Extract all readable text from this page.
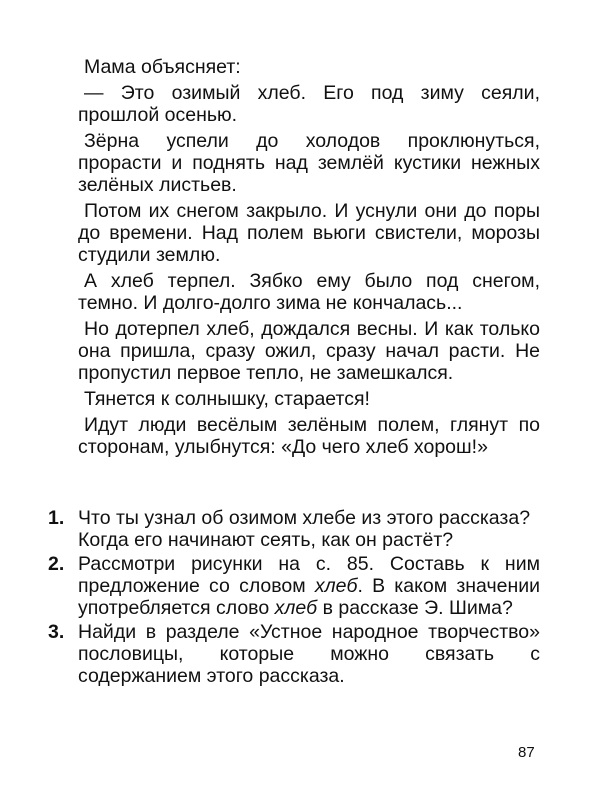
Мама объясняет:

— Это озимый хлеб. Его под зиму сеяли, прошлой осенью.

Зёрна успели до холодов проклюнуться, прорасти и поднять над землёй кустики нежных зелёных листьев.

Потом их снегом закрыло. И уснули они до поры до времени. Над полем вьюги свистели, морозы студили землю.

А хлеб терпел. Зябко ему было под снегом, темно. И долго-долго зима не кончалась...

Но дотерпел хлеб, дождался весны. И как только она пришла, сразу ожил, сразу начал расти. Не пропустил первое тепло, не замешкался.

Тянется к солнышку, старается!

Идут люди весёлым зелёным полем, глянут по сторонам, улыбнутся: «До чего хлеб хорош!»

1. Что ты узнал об озимом хлебе из этого рассказа?
Когда его начинают сеять, как он растёт?
2. Рассмотри рисунки на с. 85. Составь к ним предложение со словом хлеб. В каком значении употребляется слово хлеб в рассказе Э. Шима?
3. Найди в разделе «Устное народное творчество» пословицы, которые можно связать с содержанием этого рассказа.
87
